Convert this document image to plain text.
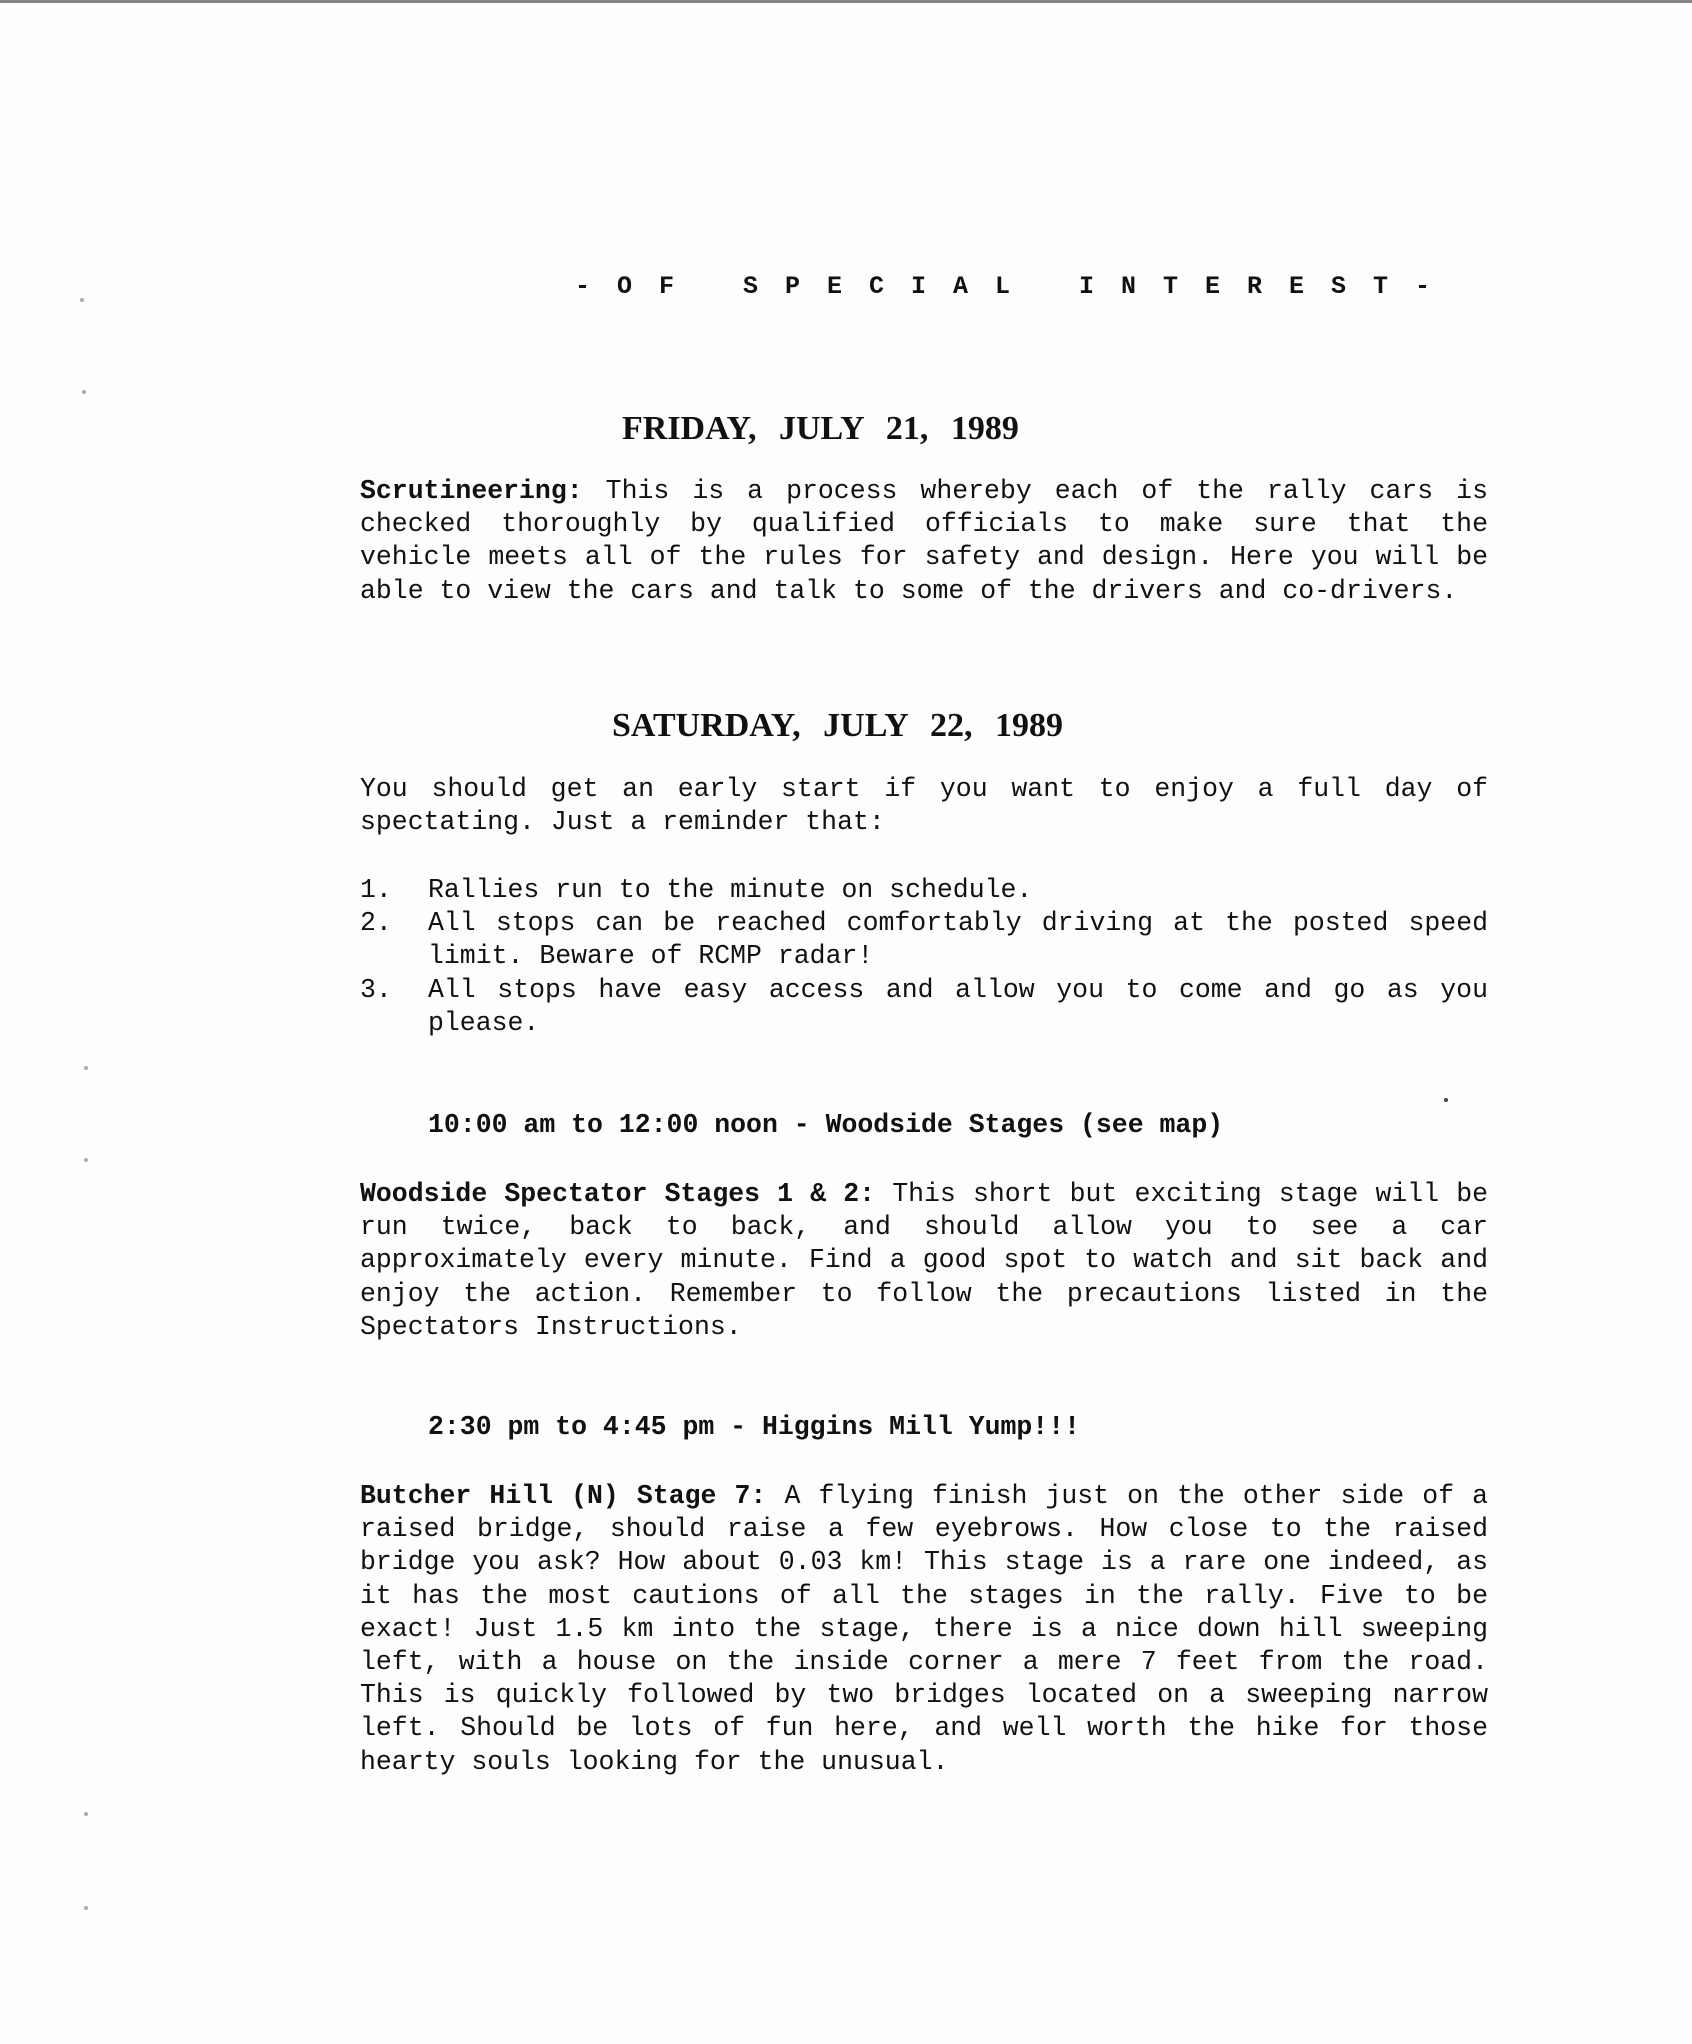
-OF SPECIAL INTEREST-
FRIDAY, JULY 21, 1989
Scrutineering: This is a process whereby each of the rally cars is checked thoroughly by qualified officials to make sure that the vehicle meets all of the rules for safety and design. Here you will be able to view the cars and talk to some of the drivers and co-drivers.
SATURDAY, JULY 22, 1989
You should get an early start if you want to enjoy a full day of spectating. Just a reminder that:
1.	Rallies run to the minute on schedule.
2.	All stops can be reached comfortably driving at the posted speed limit. Beware of RCMP radar!
3.	All stops have easy access and allow you to come and go as you please.
10:00 am to 12:00 noon - Woodside Stages (see map)
Woodside Spectator Stages 1 & 2: This short but exciting stage will be run twice, back to back, and should allow you to see a car approximately every minute. Find a good spot to watch and sit back and enjoy the action. Remember to follow the precautions listed in the Spectators Instructions.
2:30 pm to 4:45 pm - Higgins Mill Yump!!!
Butcher Hill (N) Stage 7: A flying finish just on the other side of a raised bridge, should raise a few eyebrows. How close to the raised bridge you ask? How about 0.03 km! This stage is a rare one indeed, as it has the most cautions of all the stages in the rally. Five to be exact! Just 1.5 km into the stage, there is a nice down hill sweeping left, with a house on the inside corner a mere 7 feet from the road. This is quickly followed by two bridges located on a sweeping narrow left. Should be lots of fun here, and well worth the hike for those hearty souls looking for the unusual.
